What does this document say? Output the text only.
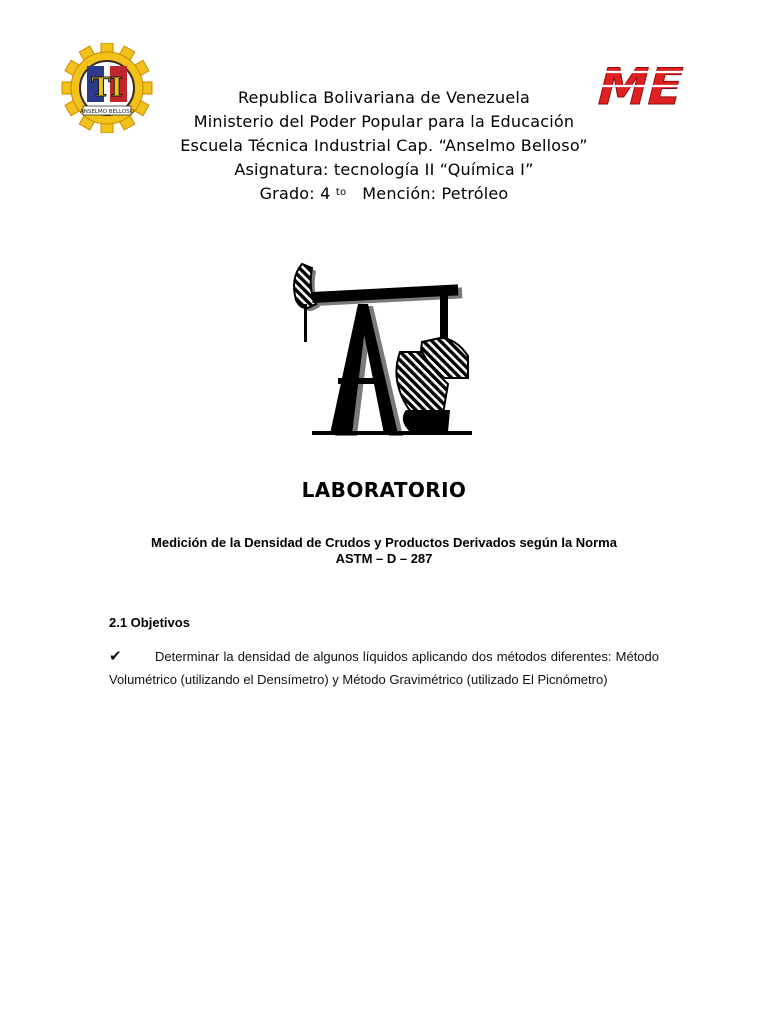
TI
ANSELMO BELLOSO	ME
Republica Bolivariana de Venezuela
Ministerio del Poder Popular para la Educación
Escuela Técnica Industrial Cap. “Anselmo Belloso”
Asignatura: tecnología II “Química I”
Grado: 4 $^{to}$ Mención: Petróleo
LABORATORIO
Medición de la Densidad de Crudos y Productos Derivados según la Norma
ASTM – D – 287
2.1 Objetivos
✔	Determinar la densidad de algunos líquidos aplicando dos métodos diferentes: Método Volumétrico (utilizando el Densímetro) y Método Gravimétrico (utilizado El Picnómetro)
